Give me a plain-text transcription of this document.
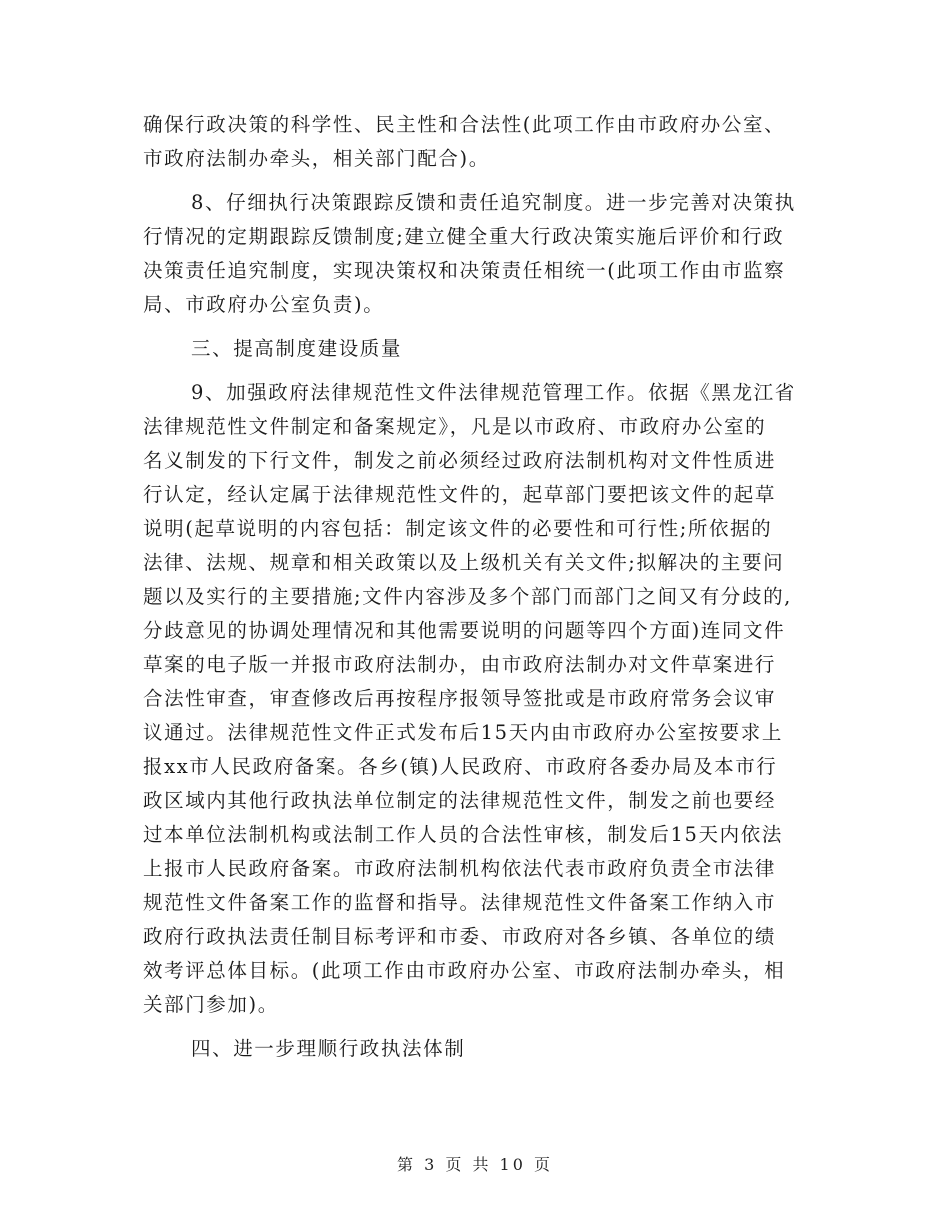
确保行政决策的科学性、民主性和合法性(此项工作由市政府办公室、
市政府法制办牵头，相关部门配合)。
8、仔细执行决策跟踪反馈和责任追究制度。进一步完善对决策执
行情况的定期跟踪反馈制度;建立健全重大行政决策实施后评价和行政
决策责任追究制度，实现决策权和决策责任相统一(此项工作由市监察
局、市政府办公室负责)。
三、提高制度建设质量
9、加强政府法律规范性文件法律规范管理工作。依据《黑龙江省
法律规范性文件制定和备案规定》，凡是以市政府、市政府办公室的
名义制发的下行文件，制发之前必须经过政府法制机构对文件性质进
行认定，经认定属于法律规范性文件的，起草部门要把该文件的起草
说明(起草说明的内容包括：制定该文件的必要性和可行性;所依据的
法律、法规、规章和相关政策以及上级机关有关文件;拟解决的主要问
题以及实行的主要措施;文件内容涉及多个部门而部门之间又有分歧的,
分歧意见的协调处理情况和其他需要说明的问题等四个方面)连同文件
草案的电子版一并报市政府法制办，由市政府法制办对文件草案进行
合法性审查，审查修改后再按程序报领导签批或是市政府常务会议审
议通过。法律规范性文件正式发布后15天内由市政府办公室按要求上
报xx市人民政府备案。各乡(镇)人民政府、市政府各委办局及本市行
政区域内其他行政执法单位制定的法律规范性文件，制发之前也要经
过本单位法制机构或法制工作人员的合法性审核，制发后15天内依法
上报市人民政府备案。市政府法制机构依法代表市政府负责全市法律
规范性文件备案工作的监督和指导。法律规范性文件备案工作纳入市
政府行政执法责任制目标考评和市委、市政府对各乡镇、各单位的绩
效考评总体目标。(此项工作由市政府办公室、市政府法制办牵头，相
关部门参加)。
四、进一步理顺行政执法体制
第 3 页 共 10 页
